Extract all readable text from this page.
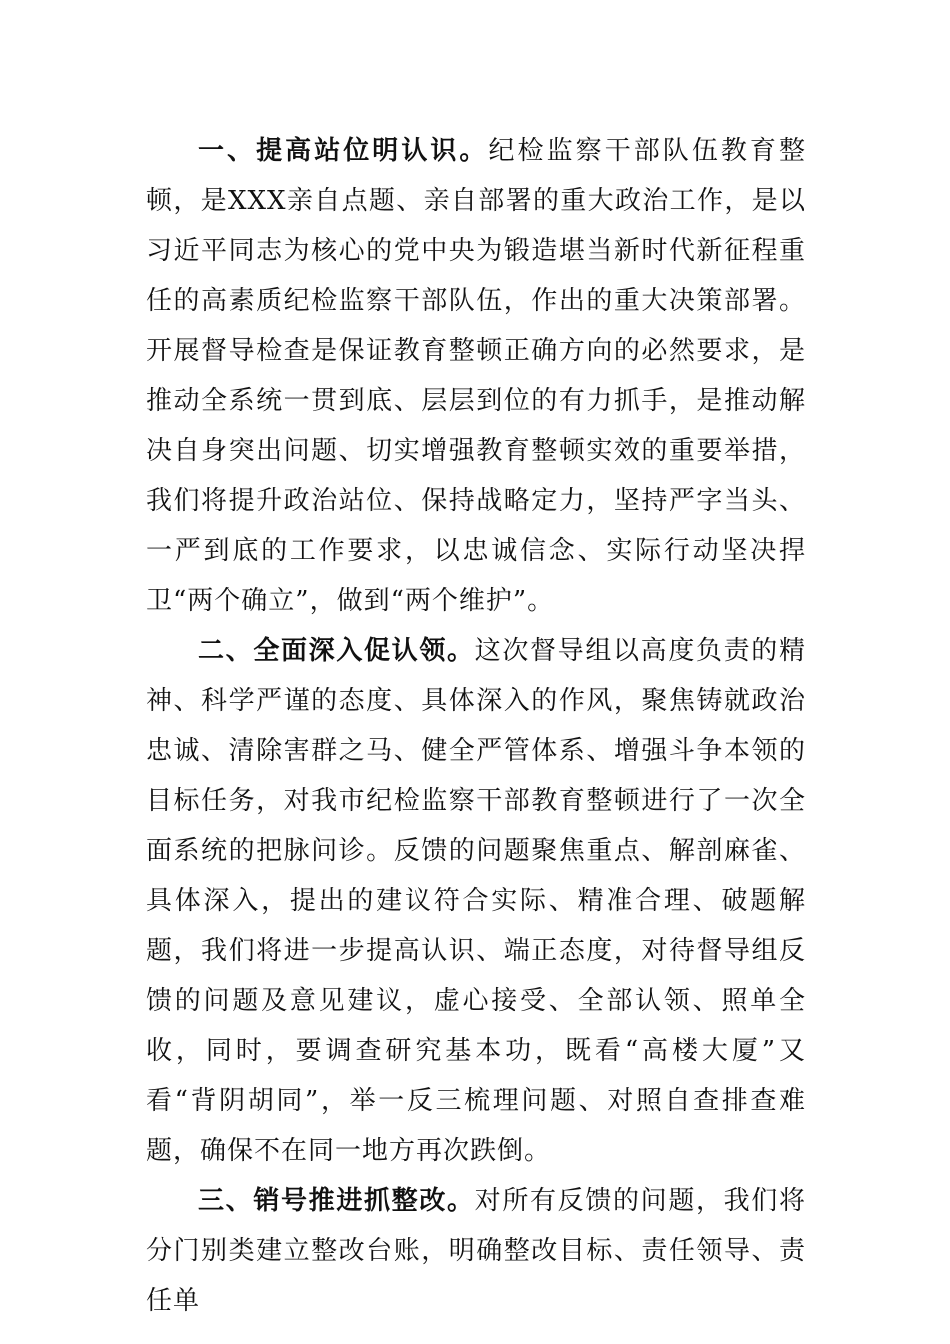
一、提高站位明认识。纪检监察干部队伍教育整顿，是XXX亲自点题、亲自部署的重大政治工作，是以习近平同志为核心的党中央为锻造堪当新时代新征程重任的高素质纪检监察干部队伍，作出的重大决策部署。开展督导检查是保证教育整顿正确方向的必然要求，是推动全系统一贯到底、层层到位的有力抓手，是推动解决自身突出问题、切实增强教育整顿实效的重要举措，我们将提升政治站位、保持战略定力，坚持严字当头、一严到底的工作要求，以忠诚信念、实际行动坚决捍卫“两个确立”，做到“两个维护”。

二、全面深入促认领。这次督导组以高度负责的精神、科学严谨的态度、具体深入的作风，聚焦铸就政治忠诚、清除害群之马、健全严管体系、增强斗争本领的目标任务，对我市纪检监察干部教育整顿进行了一次全面系统的把脉问诊。反馈的问题聚焦重点、解剖麻雀、具体深入，提出的建议符合实际、精准合理、破题解题，我们将进一步提高认识、端正态度，对待督导组反馈的问题及意见建议，虚心接受、全部认领、照单全收，同时，要调查研究基本功，既看“高楼大厦”又看“背阴胡同”，举一反三梳理问题、对照自查排查难题，确保不在同一地方再次跌倒。

三、销号推进抓整改。对所有反馈的问题，我们将分门别类建立整改台账，明确整改目标、责任领导、责任单
